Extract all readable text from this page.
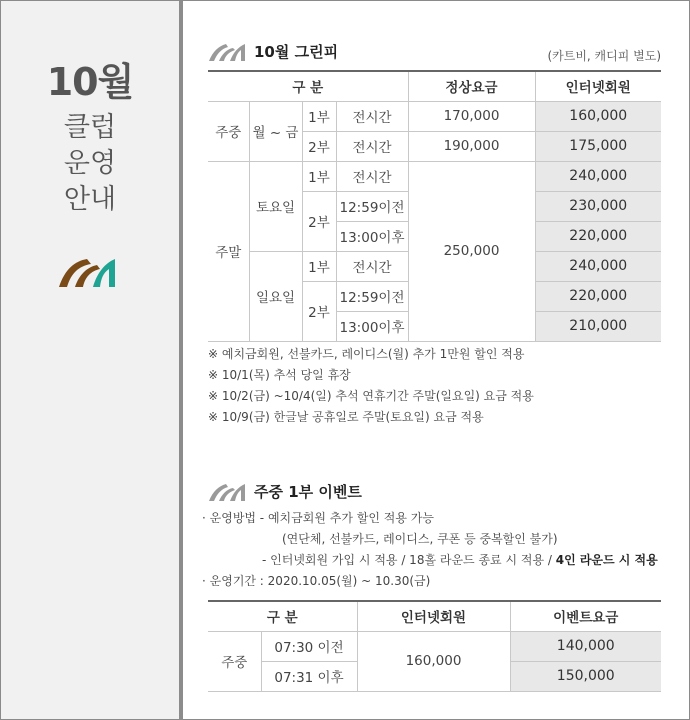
10월
클럽
운영
안내
10월 그린피	(카트비, 캐디피 별도)
구 분				정상요금	인터넷회원
주중	월 ~ 금	1부	전시간	170,000	160,000
		2부	전시간	190,000	175,000
주말	토요일	1부	전시간	250,000	240,000
		2부	12:59이전		230,000
			13:00이후		220,000
	일요일	1부	전시간		240,000
		2부	12:59이전		220,000
			13:00이후		210,000
※ 예치금회원, 선불카드, 레이디스(월) 추가 1만원 할인 적용
※ 10/1(목) 추석 당일 휴장
※ 10/2(금) ~10/4(일) 추석 연휴기간 주말(일요일) 요금 적용
※ 10/9(금) 한글날 공휴일로 주말(토요일) 요금 적용
주중 1부 이벤트
· 운영방법 - 예치금회원 추가 할인 적용 가능
(연단체, 선불카드, 레이디스, 쿠폰 등 중복할인 불가)
- 인터넷회원 가입 시 적용 / 18홀 라운드 종료 시 적용 / 4인 라운드 시 적용
· 운영기간 : 2020.10.05(월) ~ 10.30(금)
구 분		인터넷회원	이벤트요금
주중	07:30 이전	160,000	140,000
	07:31 이후		150,000
